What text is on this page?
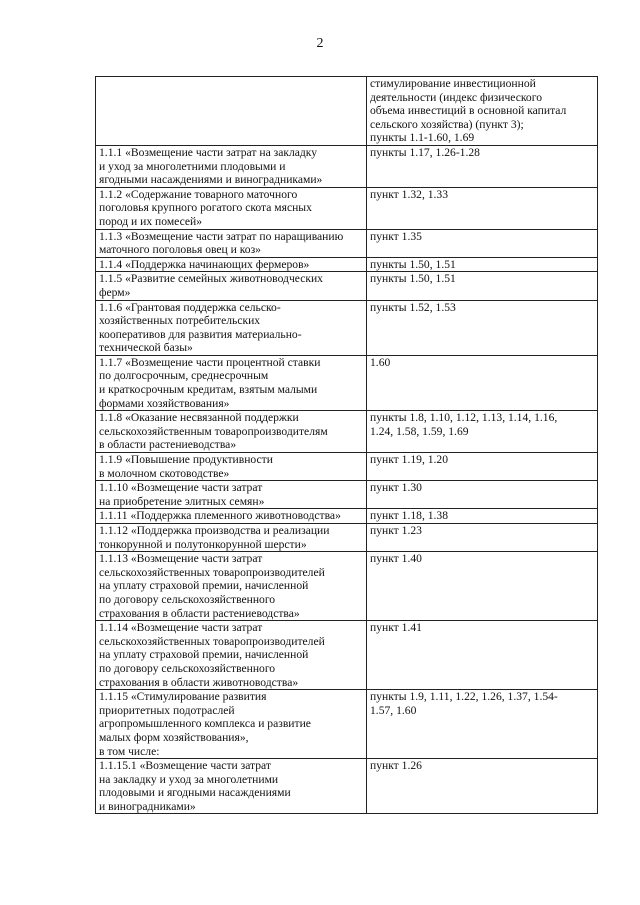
2
	стимулирование инвестиционной
деятельности (индекс физического
объема инвестиций в основной капитал
сельского хозяйства) (пункт 3);
пункты 1.1-1.60, 1.69
1.1.1 «Возмещение части затрат на закладку
и уход за многолетними плодовыми и
ягодными насаждениями и виноградниками»	пункты 1.17, 1.26-1.28
1.1.2 «Содержание товарного маточного
поголовья крупного рогатого скота мясных
пород и их помесей»	пункт 1.32, 1.33
1.1.3 «Возмещение части затрат по наращиванию
маточного поголовья овец и коз»	пункт 1.35
1.1.4 «Поддержка начинающих фермеров»	пункты 1.50, 1.51
1.1.5 «Развитие семейных животноводческих
ферм»	пункты 1.50, 1.51
1.1.6 «Грантовая поддержка сельско-
хозяйственных потребительских
кооперативов для развития материально-
технической базы»	пункты 1.52, 1.53
1.1.7 «Возмещение части процентной ставки
по долгосрочным, среднесрочным
и краткосрочным кредитам, взятым малыми
формами хозяйствования»	1.60
1.1.8 «Оказание несвязанной поддержки
сельскохозяйственным товаропроизводителям
в области растениеводства»	пункты 1.8, 1.10, 1.12, 1.13, 1.14, 1.16,
1.24, 1.58, 1.59, 1.69
1.1.9 «Повышение продуктивности
в молочном скотоводстве»	пункт 1.19, 1.20
1.1.10 «Возмещение части затрат
на приобретение элитных семян»	пункт 1.30
1.1.11 «Поддержка племенного животноводства»	пункт 1.18, 1.38
1.1.12 «Поддержка производства и реализации
тонкорунной и полутонкорунной шерсти»	пункт 1.23
1.1.13 «Возмещение части затрат
сельскохозяйственных товаропроизводителей
на уплату страховой премии, начисленной
по договору сельскохозяйственного
страхования в области растениеводства»	пункт 1.40
1.1.14 «Возмещение части затрат
сельскохозяйственных товаропроизводителей
на уплату страховой премии, начисленной
по договору сельскохозяйственного
страхования в области животноводства»	пункт 1.41
1.1.15 «Стимулирование развития
приоритетных подотраслей
агропромышленного комплекса и развитие
малых форм хозяйствования»,
в том числе:	пункты 1.9, 1.11, 1.22, 1.26, 1.37, 1.54-
1.57, 1.60
1.1.15.1 «Возмещение части затрат
на закладку и уход за многолетними
плодовыми и ягодными насаждениями
и виноградниками»	пункт 1.26
